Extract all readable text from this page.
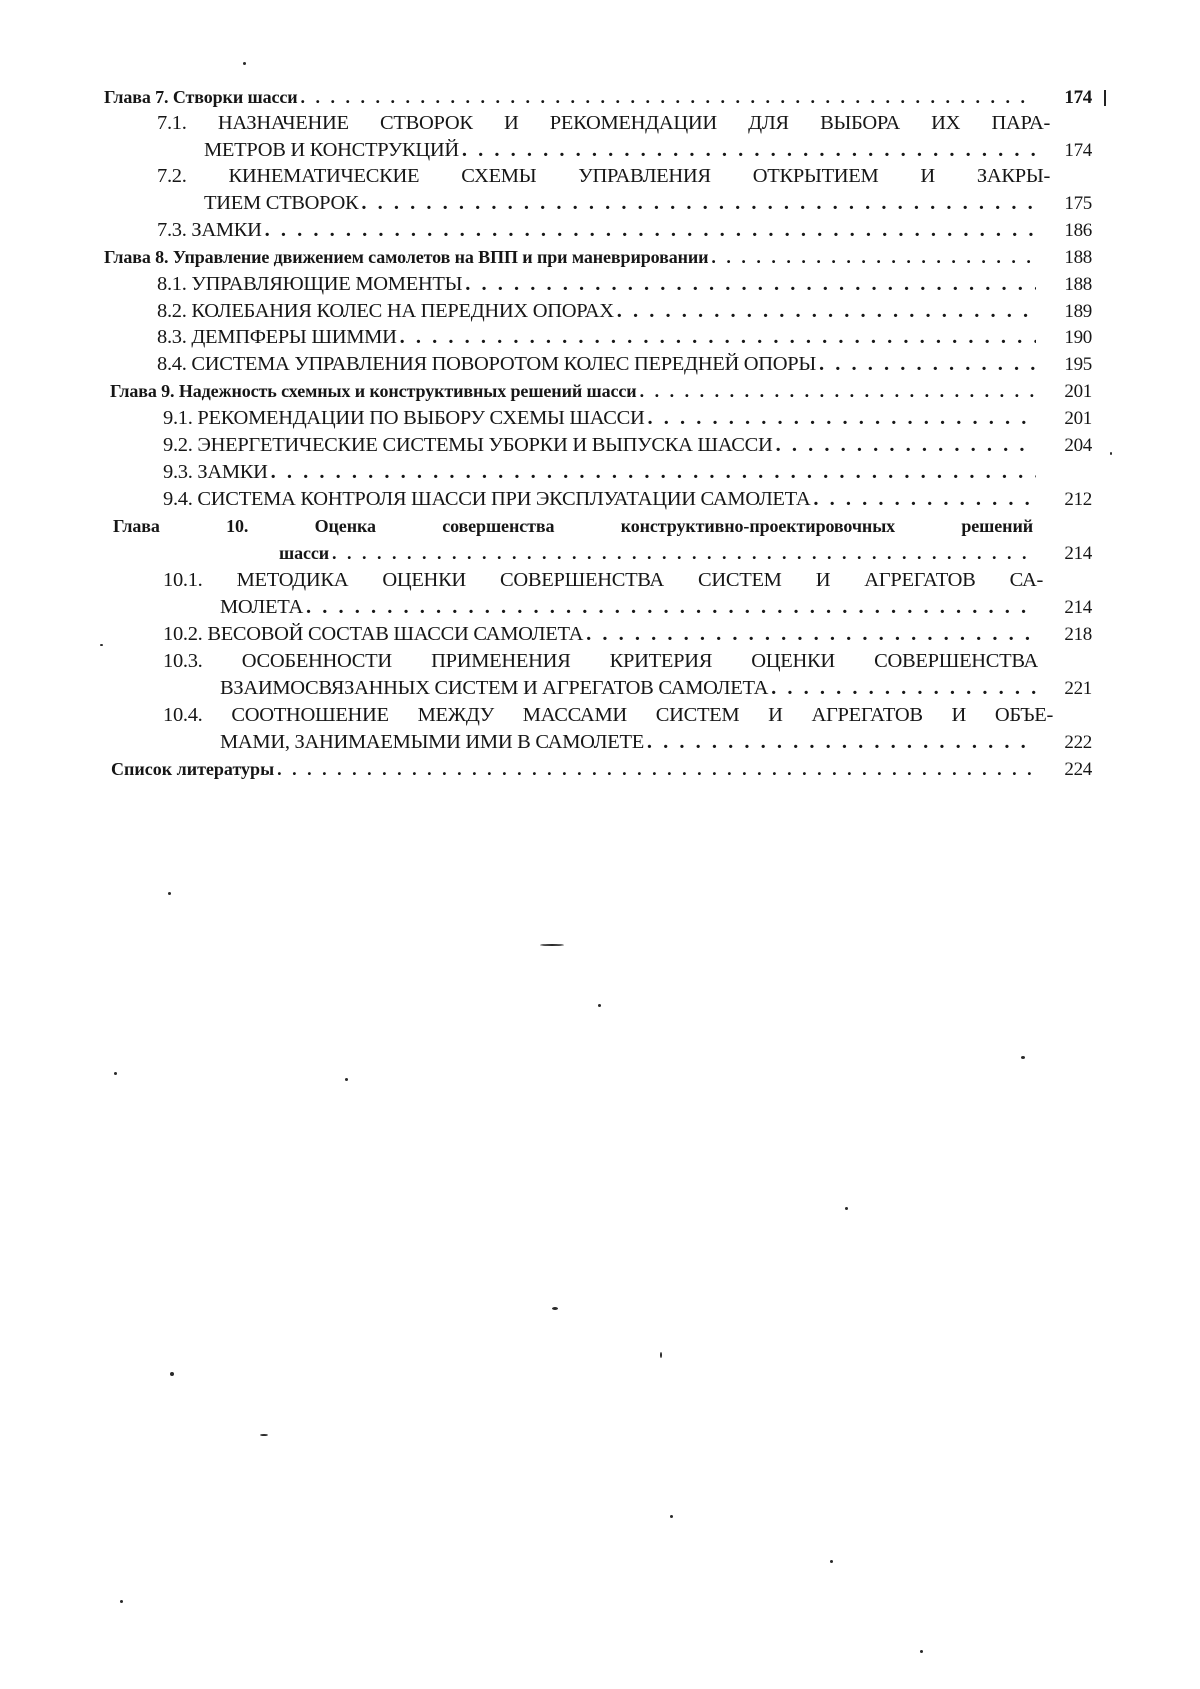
Глава 7. Створки шасси . . .	174
7.1. НАЗНАЧЕНИЕ СТВОРОК И РЕКОМЕНДАЦИИ ДЛЯ ВЫБОРА ИХ ПАРА-
МЕТРОВ И КОНСТРУКЦИЙ . . .	174
7.2. КИНЕМАТИЧЕСКИЕ СХЕМЫ УПРАВЛЕНИЯ ОТКРЫТИЕМ И ЗАКРЫ-
ТИЕМ СТВОРОК . . .	175
7.3. ЗАМКИ . . .	186
Глава 8. Управление движением самолетов на ВПП и при маневрировании . . .	188
8.1. УПРАВЛЯЮЩИЕ МОМЕНТЫ . . .	188
8.2. КОЛЕБАНИЯ КОЛЕС НА ПЕРЕДНИХ ОПОРАХ . . .	189
8.3. ДЕМПФЕРЫ ШИММИ . . .	190
8.4. СИСТЕМА УПРАВЛЕНИЯ ПОВОРОТОМ КОЛЕС ПЕРЕДНЕЙ ОПОРЫ . . .	195
Глава 9. Надежность схемных и конструктивных решений шасси . . .	201
9.1. РЕКОМЕНДАЦИИ ПО ВЫБОРУ СХЕМЫ ШАССИ . . .	201
9.2. ЭНЕРГЕТИЧЕСКИЕ СИСТЕМЫ УБОРКИ И ВЫПУСКА ШАССИ . . .	204
9.3. ЗАМКИ
. . .
9.4. СИСТЕМА КОНТРОЛЯ ШАССИ ПРИ ЭКСПЛУАТАЦИИ САМОЛЕТА . . .	212
Глава 10. Оценка совершенства конструктивно-проектировочных решений
шасси . . .	214
10.1. МЕТОДИКА ОЦЕНКИ СОВЕРШЕНСТВА СИСТЕМ И АГРЕГАТОВ СА-
МОЛЕТА . . .	214
10.2. ВЕСОВОЙ СОСТАВ ШАССИ САМОЛЕТА . . .	218
10.3. ОСОБЕННОСТИ ПРИМЕНЕНИЯ КРИТЕРИЯ ОЦЕНКИ СОВЕРШЕНСТВА
ВЗАИМОСВЯЗАННЫХ СИСТЕМ И АГРЕГАТОВ САМОЛЕТА . . .	221
10.4. СООТНОШЕНИЕ МЕЖДУ МАССАМИ СИСТЕМ И АГРЕГАТОВ И ОБЪЕ-
МАМИ, ЗАНИМАЕМЫМИ ИМИ В САМОЛЕТЕ . . .	222
Список литературы . . .	224
